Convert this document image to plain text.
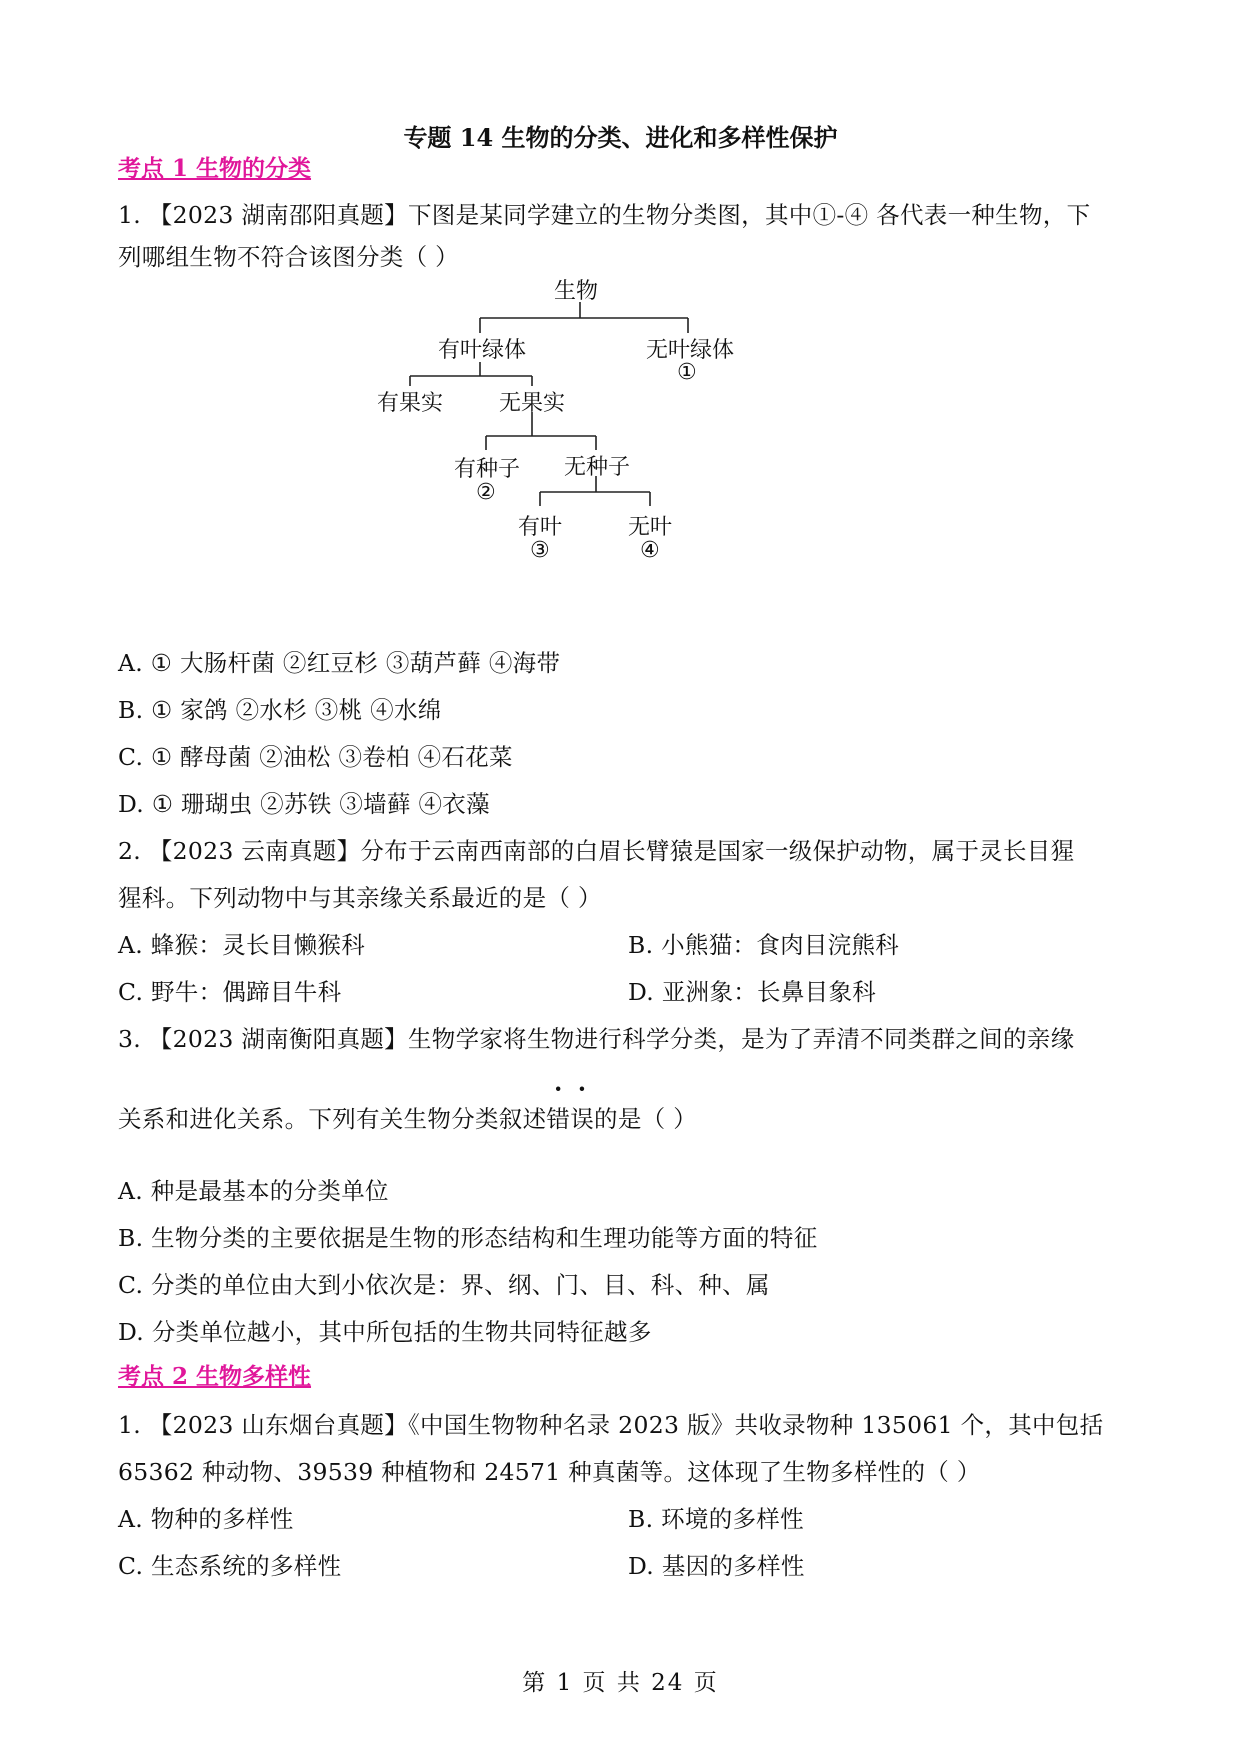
专题 14 生物的分类、进化和多样性保护
考点 1 生物的分类
1. 【2023 湖南邵阳真题】下图是某同学建立的生物分类图，其中①-④ 各代表一种生物，下
列哪组生物不符合该图分类（ ）
生物
有叶绿体	无叶绿体
①
有果实	无果实
有种子
②
无种子
有叶
③
无叶
④
A. ① 大肠杆菌 ②红豆杉 ③葫芦藓 ④海带
B. ① 家鸽 ②水杉 ③桃 ④水绵
C. ① 酵母菌 ②油松 ③卷柏 ④石花菜
D. ① 珊瑚虫 ②苏铁 ③墙藓 ④衣藻
2. 【2023 云南真题】分布于云南西南部的白眉长臂猿是国家一级保护动物，属于灵长目猩
猩科。下列动物中与其亲缘关系最近的是（ ）
A. 蜂猴：灵长目懒猴科	B. 小熊猫：食肉目浣熊科
C. 野牛：偶蹄目牛科	D. 亚洲象：长鼻目象科
3. 【2023 湖南衡阳真题】生物学家将生物进行科学分类，是为了弄清不同类群之间的亲缘
关系和进化关系。下列有关生物分类叙述错误的是（ ）
A. 种是最基本的分类单位
B. 生物分类的主要依据是生物的形态结构和生理功能等方面的特征
C. 分类的单位由大到小依次是：界、纲、门、目、科、种、属
D. 分类单位越小，其中所包括的生物共同特征越多
考点 2 生物多样性
1. 【2023 山东烟台真题】《中国生物物种名录 2023 版》共收录物种 135061 个，其中包括
65362 种动物、39539 种植物和 24571 种真菌等。这体现了生物多样性的（ ）
A. 物种的多样性	B. 环境的多样性
C. 生态系统的多样性	D. 基因的多样性
第 1 页 共 24 页
